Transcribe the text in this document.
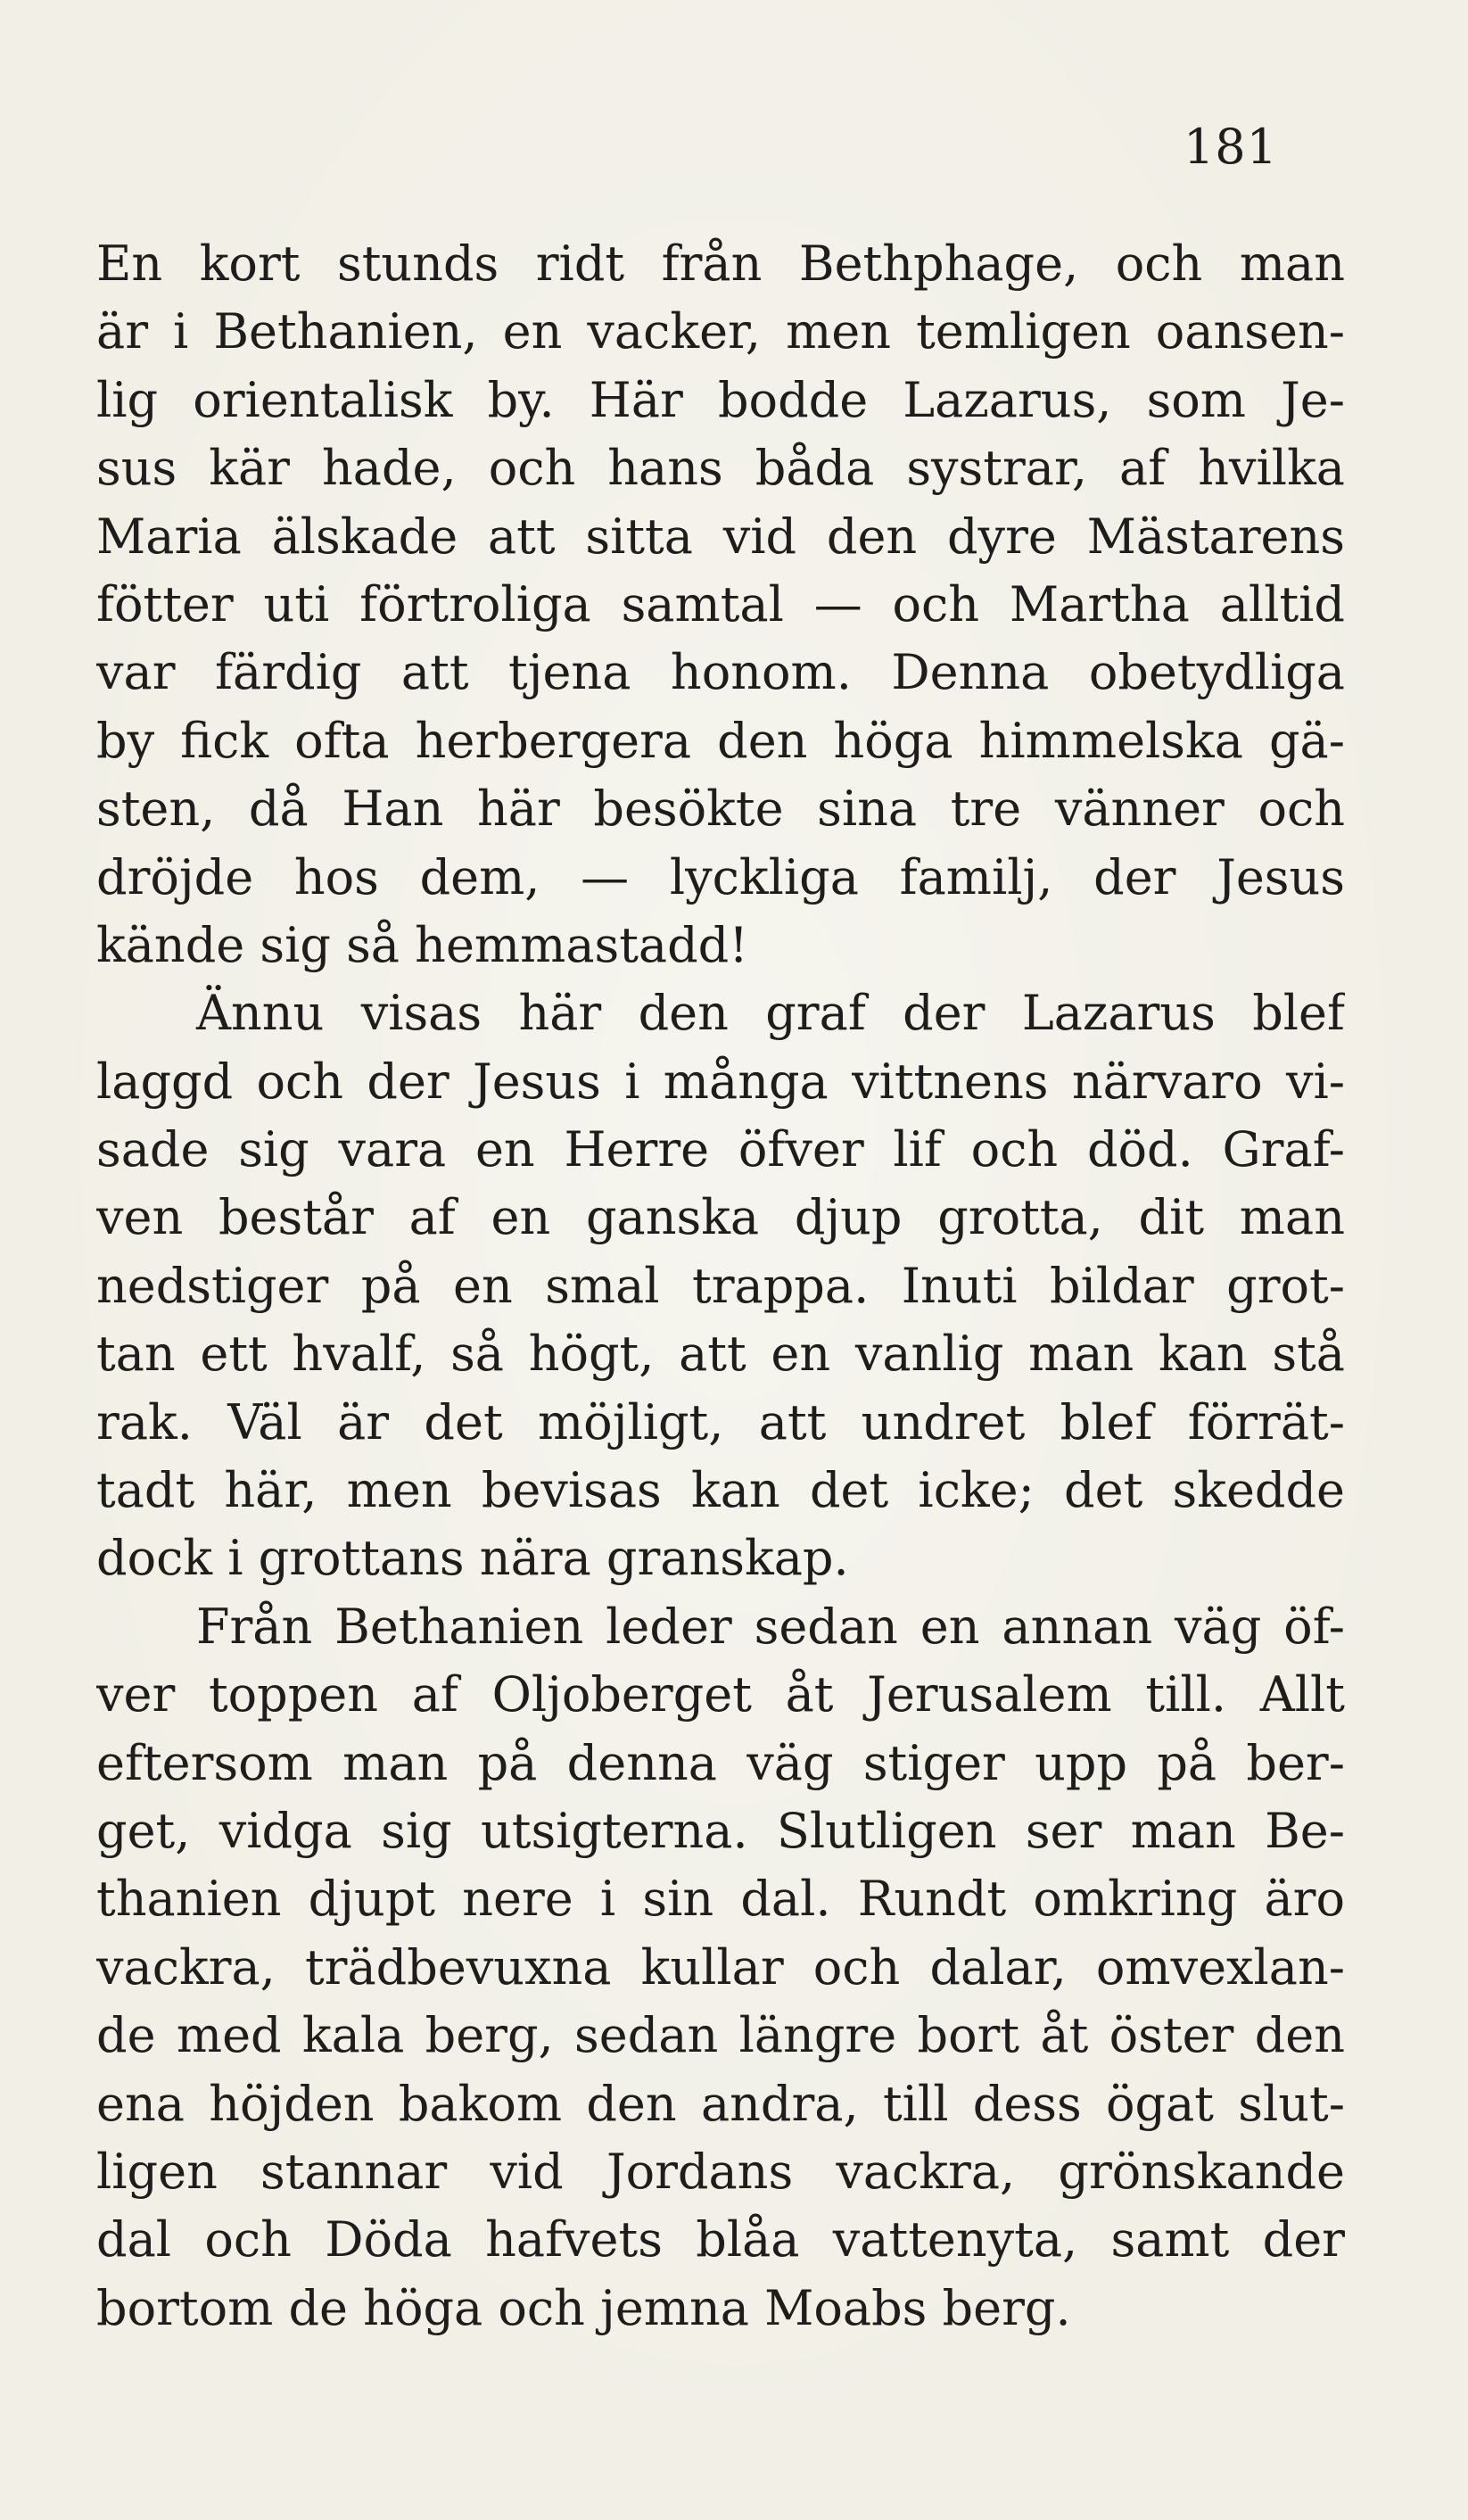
181
En kort stunds ridt från Bethphage, och man
är i Bethanien, en vacker, men temligen oansen-
lig orientalisk by. Här bodde Lazarus, som Je-
sus kär hade, och hans båda systrar, af hvilka
Maria älskade att sitta vid den dyre Mästarens
fötter uti förtroliga samtal — och Martha alltid
var färdig att tjena honom. Denna obetydliga
by fick ofta herbergera den höga himmelska gä-
sten, då Han här besökte sina tre vänner och
dröjde hos dem, — lyckliga familj, der Jesus
kände sig så hemmastadd!
Ännu visas här den graf der Lazarus blef
laggd och der Jesus i många vittnens närvaro vi-
sade sig vara en Herre öfver lif och död. Graf-
ven består af en ganska djup grotta, dit man
nedstiger på en smal trappa. Inuti bildar grot-
tan ett hvalf, så högt, att en vanlig man kan stå
rak. Väl är det möjligt, att undret blef förrät-
tadt här, men bevisas kan det icke; det skedde
dock i grottans nära granskap.
Från Bethanien leder sedan en annan väg öf-
ver toppen af Oljoberget åt Jerusalem till. Allt
eftersom man på denna väg stiger upp på ber-
get, vidga sig utsigterna. Slutligen ser man Be-
thanien djupt nere i sin dal. Rundt omkring äro
vackra, trädbevuxna kullar och dalar, omvexlan-
de med kala berg, sedan längre bort åt öster den
ena höjden bakom den andra, till dess ögat slut-
ligen stannar vid Jordans vackra, grönskande
dal och Döda hafvets blåa vattenyta, samt der
bortom de höga och jemna Moabs berg.
